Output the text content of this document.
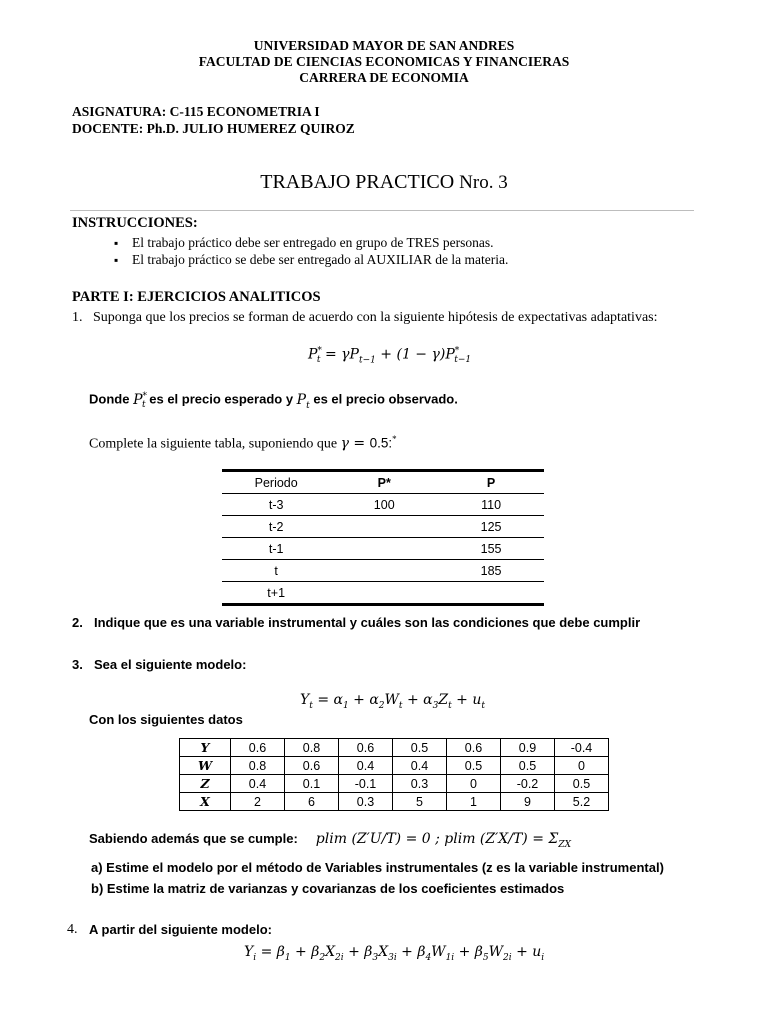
UNIVERSIDAD MAYOR DE SAN ANDRES
FACULTAD DE CIENCIAS ECONOMICAS Y FINANCIERAS
CARRERA DE ECONOMIA
ASIGNATURA: C-115 ECONOMETRIA I
DOCENTE: Ph.D. JULIO HUMEREZ QUIROZ
TRABAJO PRACTICO Nro. 3
INSTRUCCIONES:
▪ El trabajo práctico debe ser entregado en grupo de TRES personas.
▪ El trabajo práctico se debe ser entregado al AUXILIAR de la materia.
PARTE I: EJERCICIOS ANALITICOS
1. Suponga que los precios se forman de acuerdo con la siguiente hipótesis de expectativas adaptativas:
$P^*_t = \gamma P_{t-1} + (1 - \gamma)P^*_{t-1}$
Donde $P^*_t$ es el precio esperado y $P_t$ es el precio observado.
Complete la siguiente tabla, suponiendo que γ = 0.5:*
Periodo	P*	P
t-3	100	110
t-2		125
t-1		155
t		185
t+1		
2. Indique que es una variable instrumental y cuáles son las condiciones que debe cumplir
3. Sea el siguiente modelo:
$Y_t = \alpha_1 + \alpha_2W_t + \alpha_3Z_t + u_t$
Con los siguientes datos
Y	0.6	0.8	0.6	0.5	0.6	0.9	-0.4
W	0.8	0.6	0.4	0.4	0.5	0.5	0
Z	0.4	0.1	-0.1	0.3	0	-0.2	0.5
X	2	6	0.3	5	1	9	5.2
Sabiendo además que se cumple: plim (Z′U/T) = 0 ; plim $(Z'X/T) = \Sigma_{ZX}$
a) Estime el modelo por el método de Variables instrumentales (z es la variable instrumental)
b) Estime la matriz de varianzas y covarianzas de los coeficientes estimados
4. A partir del siguiente modelo:
$Y_i = \beta_1 + \beta_2X_{2i} + \beta_3X_{3i} + \beta_4W_{1i} + \beta_5W_{2i} + u_i$
